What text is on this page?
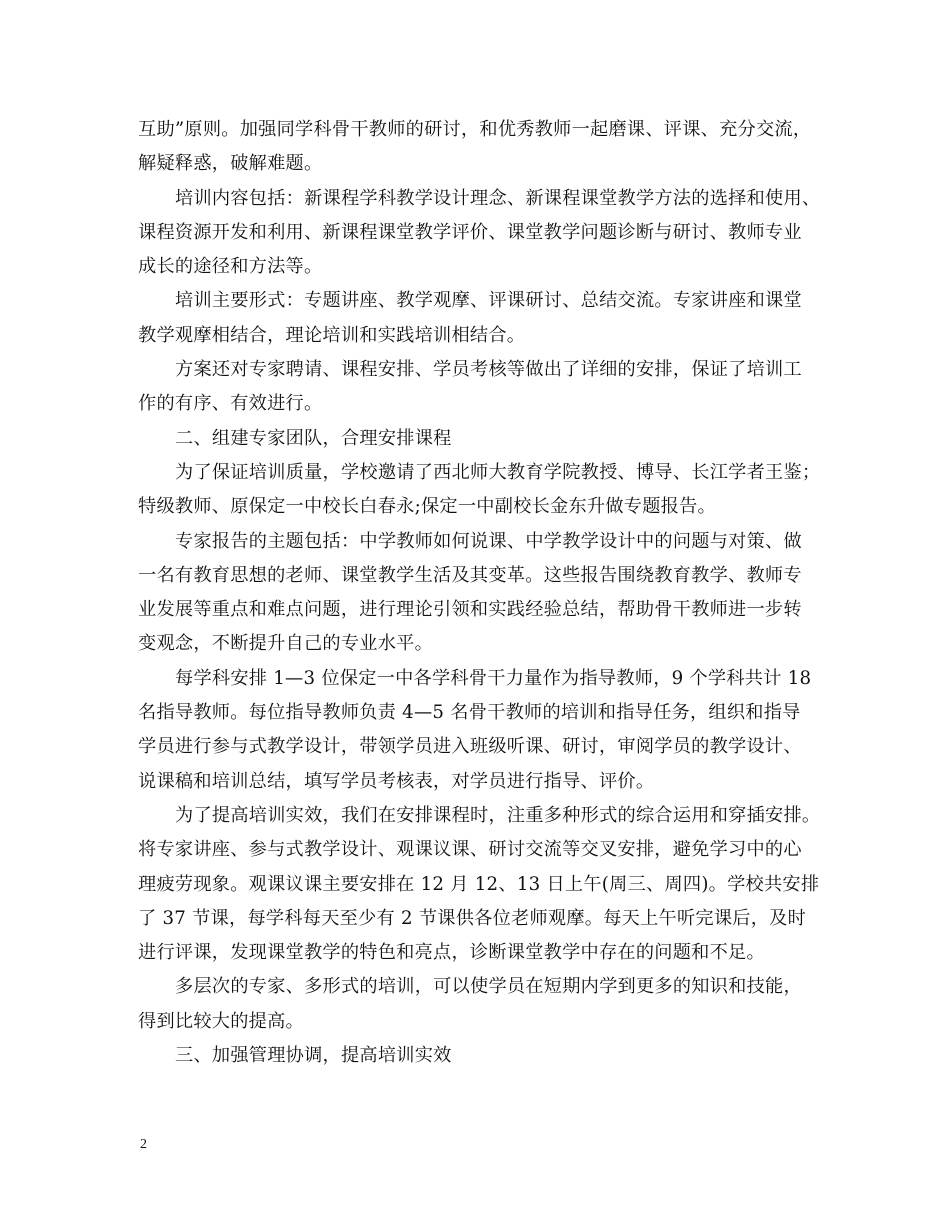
互助”原则。加强同学科骨干教师的研讨，和优秀教师一起磨课、评课、充分交流，
解疑释惑，破解难题。

培训内容包括：新课程学科教学设计理念、新课程课堂教学方法的选择和使用、
课程资源开发和利用、新课程课堂教学评价、课堂教学问题诊断与研讨、教师专业
成长的途径和方法等。

培训主要形式：专题讲座、教学观摩、评课研讨、总结交流。专家讲座和课堂
教学观摩相结合，理论培训和实践培训相结合。

方案还对专家聘请、课程安排、学员考核等做出了详细的安排，保证了培训工
作的有序、有效进行。

二、组建专家团队，合理安排课程

为了保证培训质量，学校邀请了西北师大教育学院教授、博导、长江学者王鉴；
特级教师、原保定一中校长白春永;保定一中副校长金东升做专题报告。

专家报告的主题包括：中学教师如何说课、中学教学设计中的问题与对策、做
一名有教育思想的老师、课堂教学生活及其变革。这些报告围绕教育教学、教师专
业发展等重点和难点问题，进行理论引领和实践经验总结，帮助骨干教师进一步转
变观念，不断提升自己的专业水平。

每学科安排 1—3 位保定一中各学科骨干力量作为指导教师，9 个学科共计 18
名指导教师。每位指导教师负责 4—5 名骨干教师的培训和指导任务，组织和指导
学员进行参与式教学设计，带领学员进入班级听课、研讨，审阅学员的教学设计、
说课稿和培训总结，填写学员考核表，对学员进行指导、评价。

为了提高培训实效，我们在安排课程时，注重多种形式的综合运用和穿插安排。
将专家讲座、参与式教学设计、观课议课、研讨交流等交叉安排，避免学习中的心
理疲劳现象。观课议课主要安排在 12 月 12、13 日上午(周三、周四)。学校共安排
了 37 节课，每学科每天至少有 2 节课供各位老师观摩。每天上午听完课后，及时
进行评课，发现课堂教学的特色和亮点，诊断课堂教学中存在的问题和不足。

多层次的专家、多形式的培训，可以使学员在短期内学到更多的知识和技能，
得到比较大的提高。

三、加强管理协调，提高培训实效

2
